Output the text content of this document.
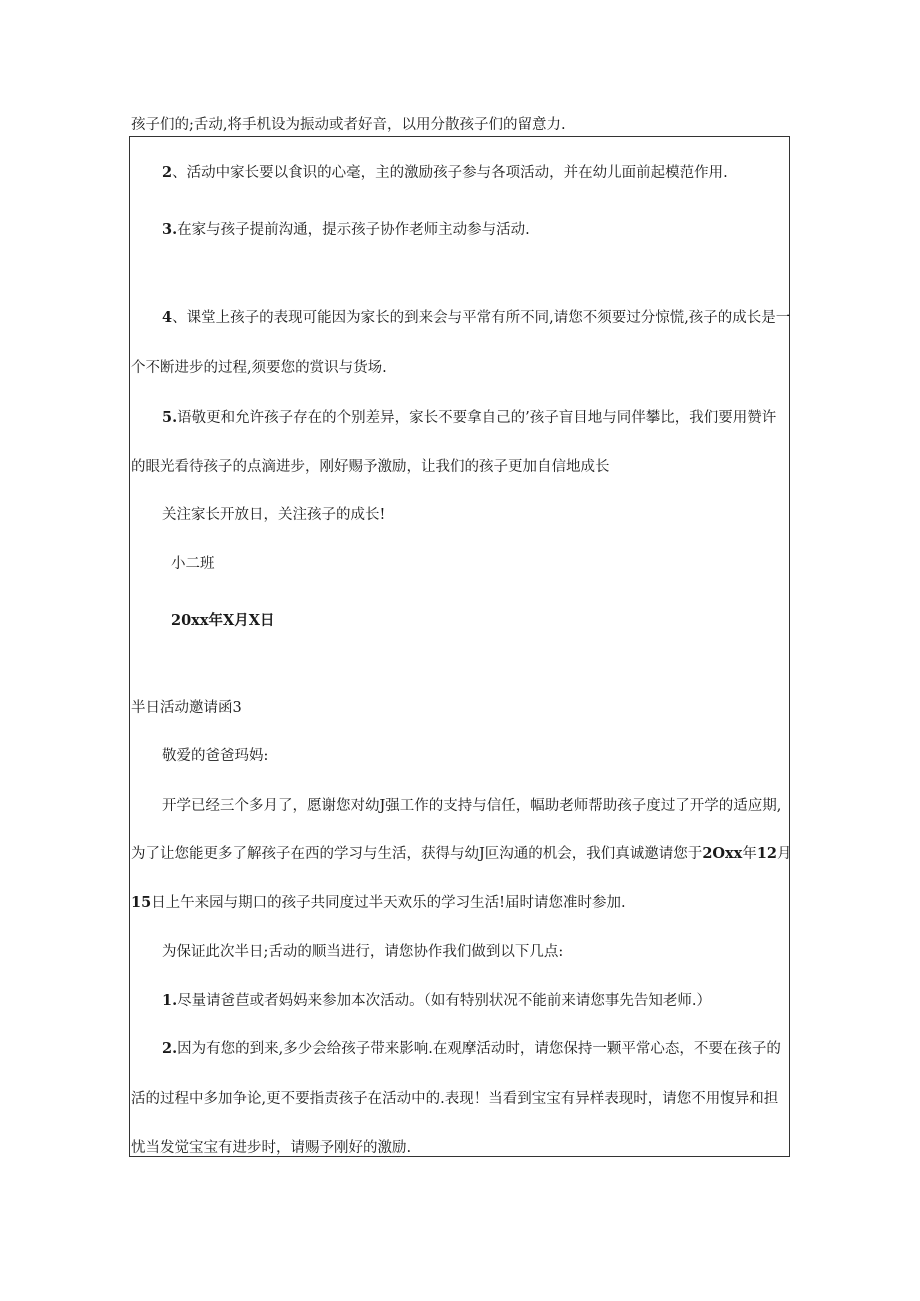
孩子们的;舌动,将手机设为振动或者好音，以用分散孩子们的留意力.
2、活动中家长要以食识的心毫，主的激励孩子参与各项活动，并在幼儿面前起模范作用.
3.在家与孩子提前沟通，提示孩子协作老师主动参与活动.
4、课堂上孩子的表现可能因为家长的到来会与平常有所不同,请您不须要过分惊慌,孩子的成长是一
个不断进步的过程,须要您的赏识与货场.
5.语敬更和允许孩子存在的个别差异，家长不要拿自己的’孩子盲目地与同伴攀比，我们要用赞许
的眼光看待孩子的点滴进步，刚好赐予激励，让我们的孩子更加自信地成长
关注家长开放日，关注孩子的成长!
小二班
20xx年X月X日
半日活动邀请函3
敬爱的爸爸玛妈:
开学已经三个多月了，愿谢您对幼J强工作的支持与信任，幅助老师帮助孩子度过了开学的适应期,
为了让您能更多了解孩子在西的学习与生活，获得与幼J叵沟通的机会，我们真诚邀请您于2Oxx年12月
15日上午来园与期口的孩子共同度过半天欢乐的学习生活!届时请您准时参加.
为保证此次半日;舌动的顺当进行，请您协作我们做到以下几点:
1.尽量请爸苣或者妈妈来参加本次活动。（如有特别状况不能前来请您事先告知老师.）
2.因为有您的到来,多少会给孩子带来影响.在观摩活动时，请您保持一颗平常心态，不要在孩子的
活的过程中多加争论,更不要指责孩子在活动中的.表现！当看到宝宝有异样表现时，请您不用愎异和担
忧当发觉宝宝有进步时，请赐予刚好的激励.
